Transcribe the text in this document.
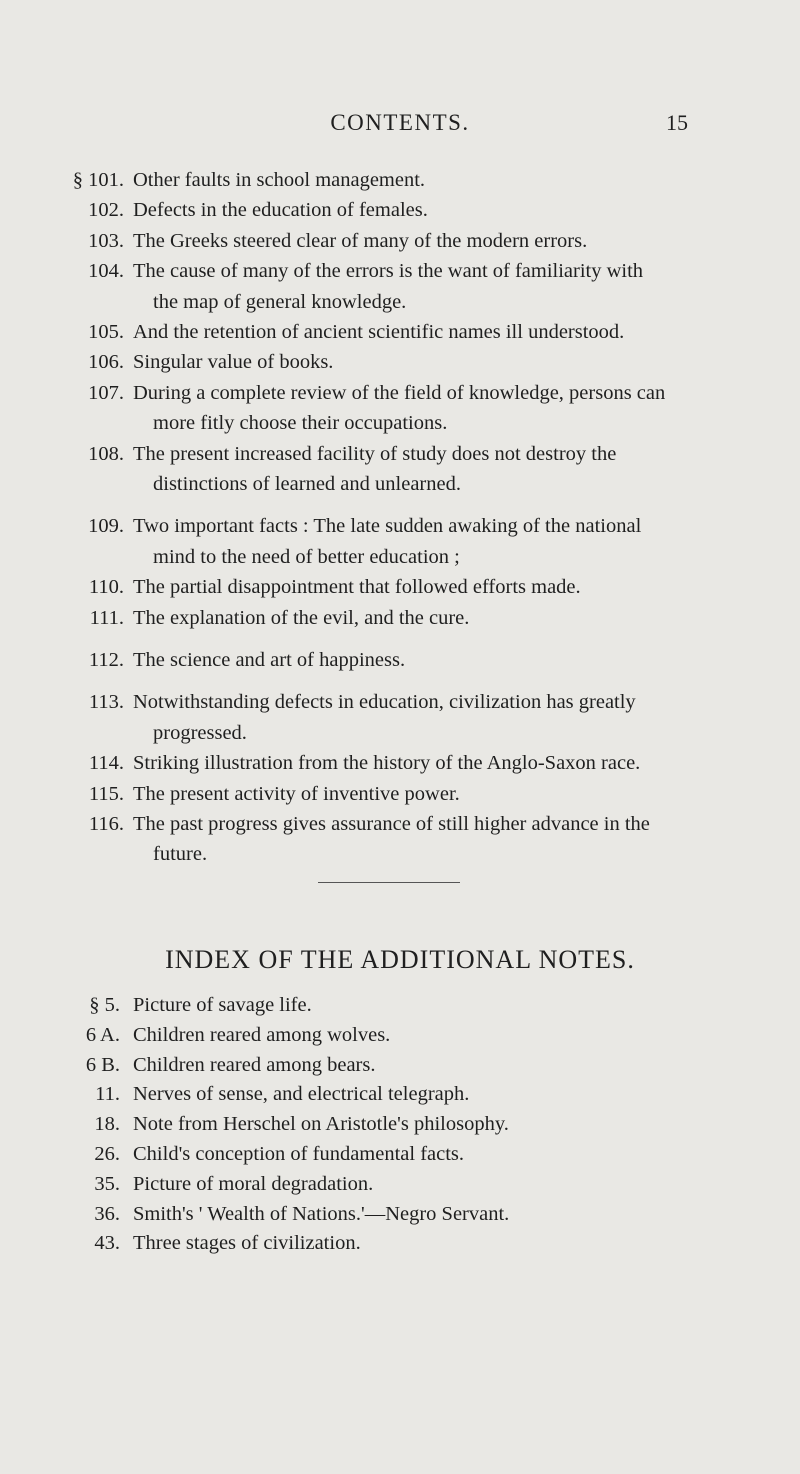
CONTENTS.	15
§ 101. Other faults in school management.
102. Defects in the education of females.
103. The Greeks steered clear of many of the modern errors.
104. The cause of many of the errors is the want of familiarity with
the map of general knowledge.
105. And the retention of ancient scientific names ill understood.
106. Singular value of books.
107. During a complete review of the field of knowledge, persons can
more fitly choose their occupations.
108. The present increased facility of study does not destroy the
distinctions of learned and unlearned.
109. Two important facts : The late sudden awaking of the national
mind to the need of better education ;
110. The partial disappointment that followed efforts made.
111. The explanation of the evil, and the cure.
112. The science and art of happiness.
113. Notwithstanding defects in education, civilization has greatly
progressed.
114. Striking illustration from the history of the Anglo-Saxon race.
115. The present activity of inventive power.
116. The past progress gives assurance of still higher advance in the
future.
INDEX OF THE ADDITIONAL NOTES.
§ 5. Picture of savage life.
6 A. Children reared among wolves.
6 B. Children reared among bears.
11. Nerves of sense, and electrical telegraph.
18. Note from Herschel on Aristotle's philosophy.
26. Child's conception of fundamental facts.
35. Picture of moral degradation.
36. Smith's ' Wealth of Nations.'—Negro Servant.
43. Three stages of civilization.
